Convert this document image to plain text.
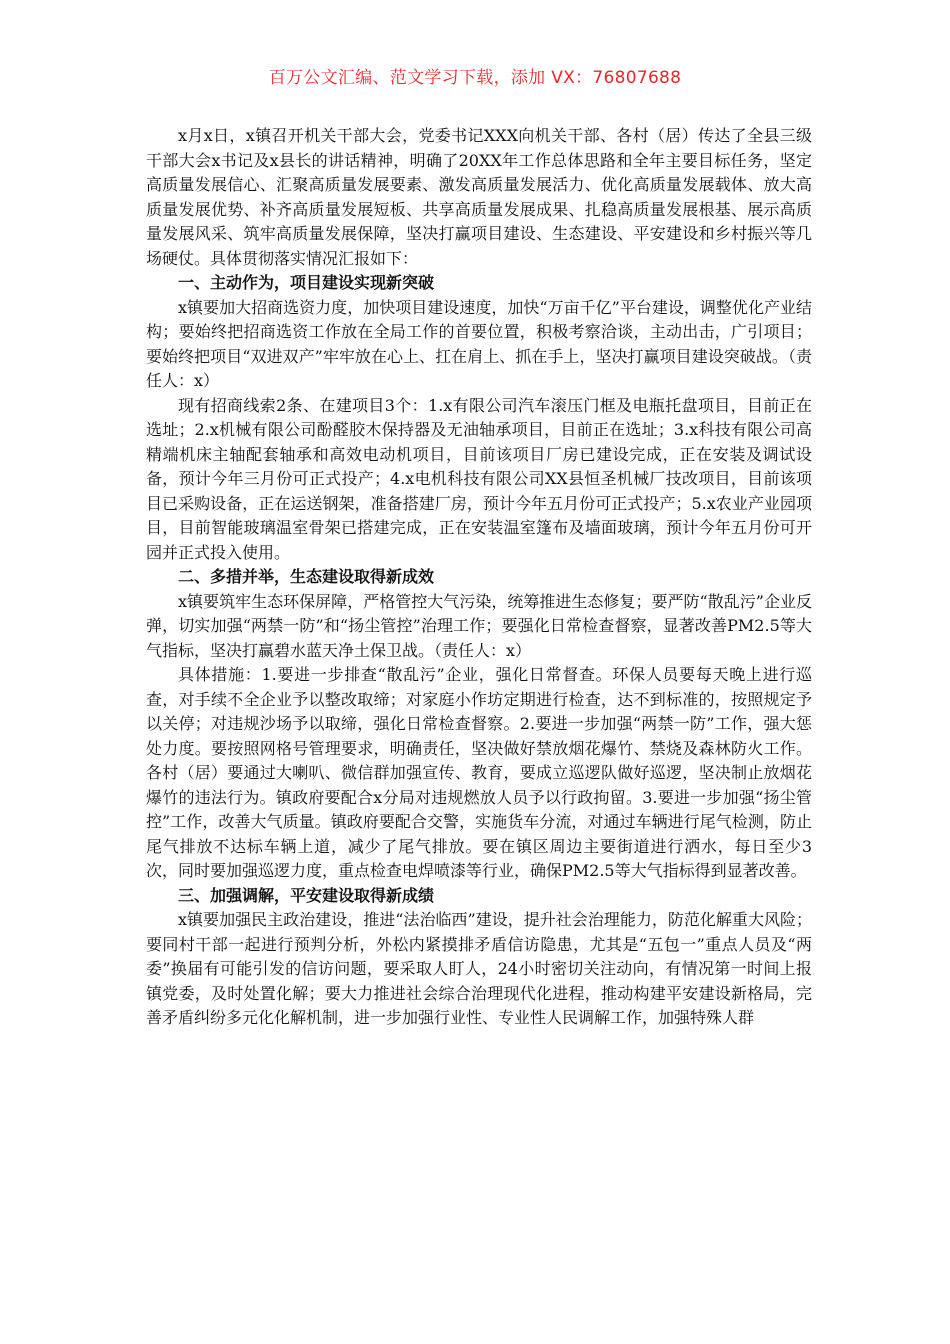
百万公文汇编、范文学习下载，添加 VX：76807688

x月x日，x镇召开机关干部大会，党委书记XXX向机关干部、各村（居）传达了全县三级干部大会x书记及x县长的讲话精神，明确了20XX年工作总体思路和全年主要目标任务，坚定高质量发展信心、汇聚高质量发展要素、激发高质量发展活力、优化高质量发展载体、放大高质量发展优势、补齐高质量发展短板、共享高质量发展成果、扎稳高质量发展根基、展示高质量发展风采、筑牢高质量发展保障，坚决打赢项目建设、生态建设、平安建设和乡村振兴等几场硬仗。具体贯彻落实情况汇报如下：

一、主动作为，项目建设实现新突破

x镇要加大招商选资力度，加快项目建设速度，加快“万亩千亿”平台建设，调整优化产业结构；要始终把招商选资工作放在全局工作的首要位置，积极考察洽谈，主动出击，广引项目；要始终把项目“双进双产”牢牢放在心上、扛在肩上、抓在手上，坚决打赢项目建设突破战。（责任人：x）

现有招商线索2条、在建项目3个：1.x有限公司汽车滚压门框及电瓶托盘项目，目前正在选址；2.x机械有限公司酚醛胶木保持器及无油轴承项目，目前正在选址；3.x科技有限公司高精端机床主轴配套轴承和高效电动机项目，目前该项目厂房已建设完成，正在安装及调试设备，预计今年三月份可正式投产；4.x电机科技有限公司XX县恒圣机械厂技改项目，目前该项目已采购设备，正在运送钢架，准备搭建厂房，预计今年五月份可正式投产；5.x农业产业园项目，目前智能玻璃温室骨架已搭建完成，正在安装温室篷布及墙面玻璃，预计今年五月份可开园并正式投入使用。

二、多措并举，生态建设取得新成效

x镇要筑牢生态环保屏障，严格管控大气污染，统筹推进生态修复；要严防“散乱污”企业反弹，切实加强“两禁一防”和“扬尘管控”治理工作；要强化日常检查督察，显著改善PM2.5等大气指标，坚决打赢碧水蓝天净土保卫战。（责任人：x）

具体措施：1.要进一步排查“散乱污”企业，强化日常督查。环保人员要每天晚上进行巡查，对手续不全企业予以整改取缔；对家庭小作坊定期进行检查，达不到标准的，按照规定予以关停；对违规沙场予以取缔，强化日常检查督察。2.要进一步加强“两禁一防”工作，强大惩处力度。要按照网格号管理要求，明确责任，坚决做好禁放烟花爆竹、禁烧及森林防火工作。各村（居）要通过大喇叭、微信群加强宣传、教育，要成立巡逻队做好巡逻，坚决制止放烟花爆竹的违法行为。镇政府要配合x分局对违规燃放人员予以行政拘留。3.要进一步加强“扬尘管控”工作，改善大气质量。镇政府要配合交警，实施货车分流，对通过车辆进行尾气检测，防止尾气排放不达标车辆上道，减少了尾气排放。要在镇区周边主要街道进行洒水，每日至少3次，同时要加强巡逻力度，重点检查电焊喷漆等行业，确保PM2.5等大气指标得到显著改善。

三、加强调解，平安建设取得新成绩

x镇要加强民主政治建设，推进“法治临西”建设，提升社会治理能力，防范化解重大风险；要同村干部一起进行预判分析，外松内紧摸排矛盾信访隐患，尤其是“五包一”重点人员及“两委”换届有可能引发的信访问题，要采取人盯人，24小时密切关注动向，有情况第一时间上报镇党委，及时处置化解；要大力推进社会综合治理现代化进程，推动构建平安建设新格局，完善矛盾纠纷多元化化解机制，进一步加强行业性、专业性人民调解工作，加强特殊人群
